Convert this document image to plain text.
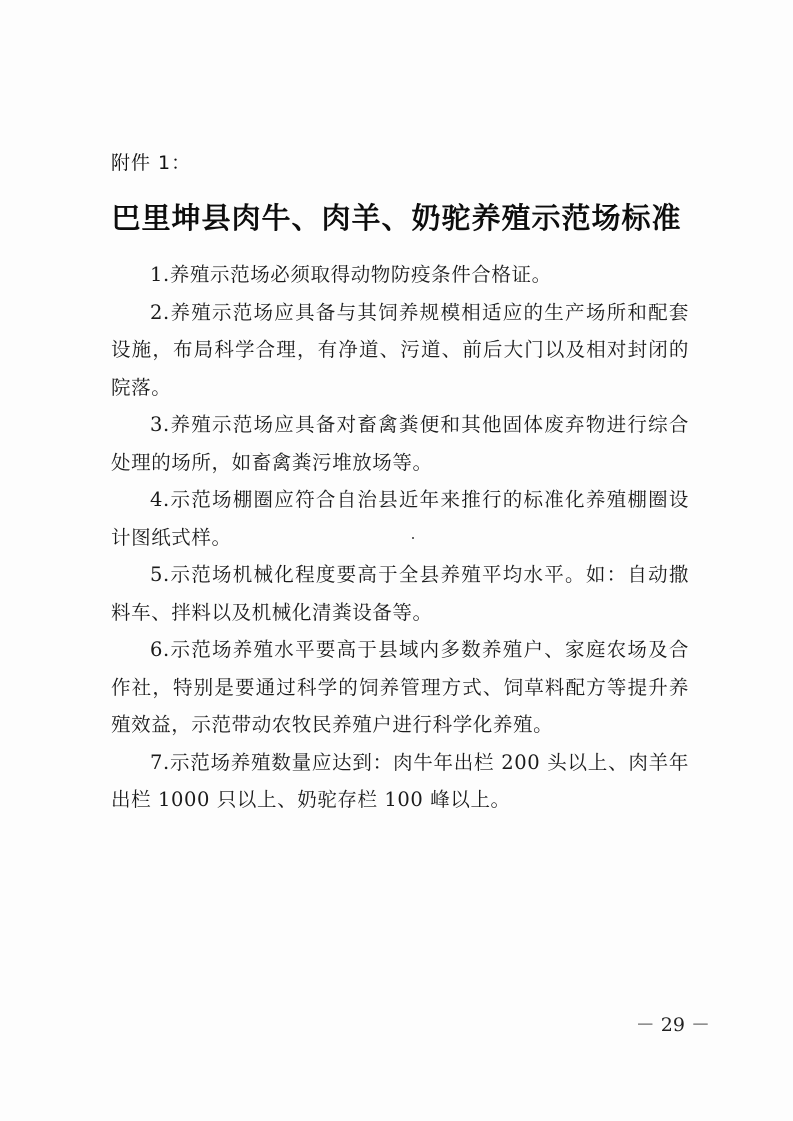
附件 1：
巴里坤县肉牛、肉羊、奶驼养殖示范场标准

1.养殖示范场必须取得动物防疫条件合格证。

2.养殖示范场应具备与其饲养规模相适应的生产场所和配套设施，布局科学合理，有净道、污道、前后大门以及相对封闭的院落。

3.养殖示范场应具备对畜禽粪便和其他固体废弃物进行综合处理的场所，如畜禽粪污堆放场等。

4.示范场棚圈应符合自治县近年来推行的标准化养殖棚圈设计图纸式样。

5.示范场机械化程度要高于全县养殖平均水平。如：自动撒料车、拌料以及机械化清粪设备等。

6.示范场养殖水平要高于县域内多数养殖户、家庭农场及合作社，特别是要通过科学的饲养管理方式、饲草料配方等提升养殖效益，示范带动农牧民养殖户进行科学化养殖。

7.示范场养殖数量应达到：肉牛年出栏 200 头以上、肉羊年出栏 1000 只以上、奶驼存栏 100 峰以上。

－ 29 －
